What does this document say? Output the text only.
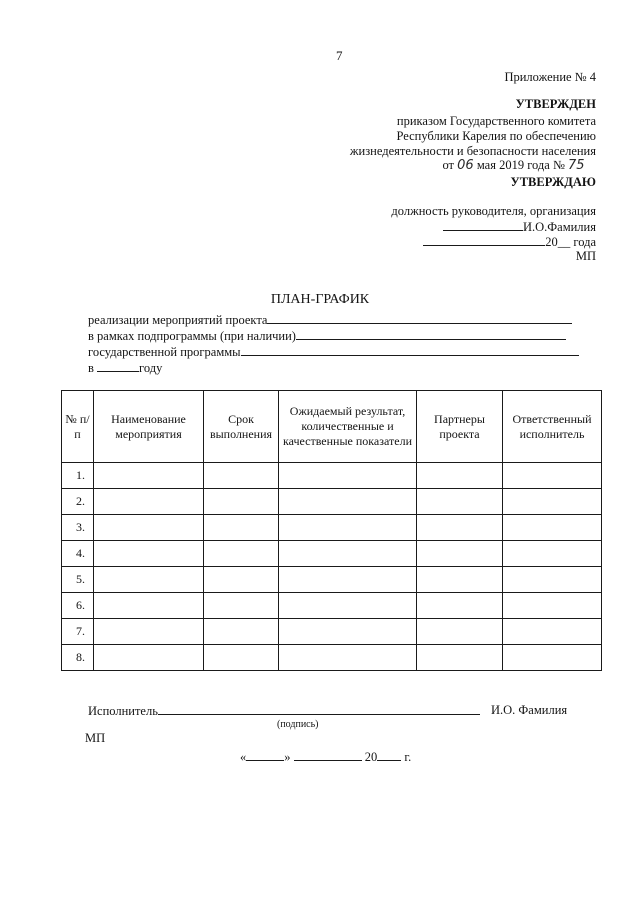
7
Приложение № 4
УТВЕРЖДЕН
приказом Государственного комитета
Республики Карелия по обеспечению
жизнедеятельности и безопасности населения
от 06 мая 2019 года № 75
УТВЕРЖДАЮ
должность руководителя, организация
И.О.Фамилия
20__ года
МП
ПЛАН-ГРАФИК
реализации мероприятий проекта
в рамках подпрограммы (при наличии)
государственной программы
в	году
№ п/п	Наименование мероприятия	Срок выполнения	Ожидаемый результат, количественные и качественные показатели	Партнеры проекта	Ответственный исполнитель
1.					
2.					
3.					
4.					
5.					
6.					
7.					
8.					
Исполнитель	И.О. Фамилия
(подпись)
МП
«	»	20 г.
